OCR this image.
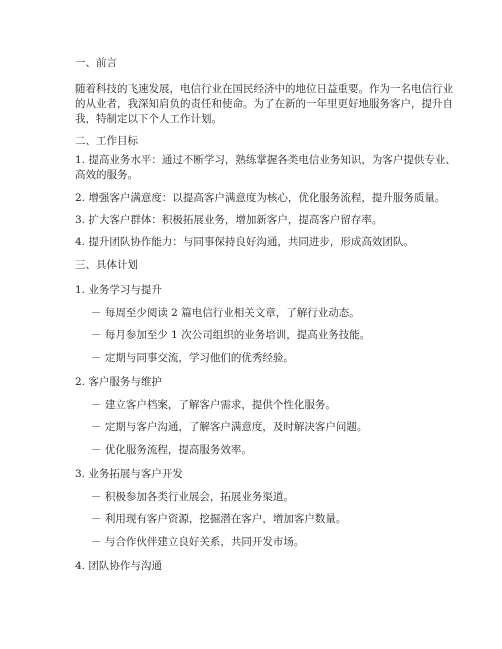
一、前言
随着科技的飞速发展，电信行业在国民经济中的地位日益重要。作为一名电信行业
的从业者，我深知肩负的责任和使命。为了在新的一年里更好地服务客户，提升自
我，特制定以下个人工作计划。
二、工作目标
1. 提高业务水平：通过不断学习，熟练掌握各类电信业务知识，为客户提供专业、
高效的服务。
2. 增强客户满意度：以提高客户满意度为核心，优化服务流程，提升服务质量。
3. 扩大客户群体：积极拓展业务，增加新客户，提高客户留存率。
4. 提升团队协作能力：与同事保持良好沟通，共同进步，形成高效团队。
三、具体计划
1. 业务学习与提升
－ 每周至少阅读 2 篇电信行业相关文章，了解行业动态。
－ 每月参加至少 1 次公司组织的业务培训，提高业务技能。
－ 定期与同事交流，学习他们的优秀经验。
2. 客户服务与维护
－ 建立客户档案，了解客户需求，提供个性化服务。
－ 定期与客户沟通，了解客户满意度，及时解决客户问题。
－ 优化服务流程，提高服务效率。
3. 业务拓展与客户开发
－ 积极参加各类行业展会，拓展业务渠道。
－ 利用现有客户资源，挖掘潜在客户，增加客户数量。
－ 与合作伙伴建立良好关系，共同开发市场。
4. 团队协作与沟通
